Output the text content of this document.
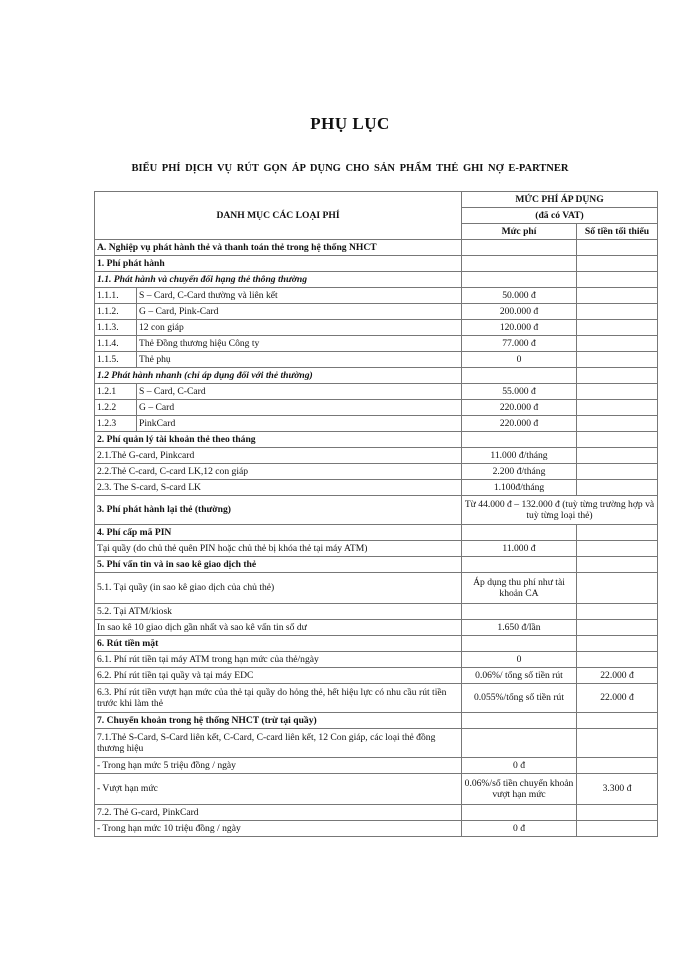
PHỤ LỤC
BIỂU PHÍ DỊCH VỤ RÚT GỌN ÁP DỤNG CHO SẢN PHẨM THẺ GHI NỢ E-PARTNER
DANH MỤC CÁC LOẠI PHÍ		MỨC PHÍ ÁP DỤNG	
		(đã có VAT)	
		Mức phí	Số tiền tối thiểu
A. Nghiệp vụ phát hành thẻ và thanh toán thẻ trong hệ thống NHCT			
1. Phí phát hành			
1.1. Phát hành và chuyển đổi hạng thẻ thông thường			
1.1.1.	S – Card, C-Card thường và liên kết	50.000 đ	
1.1.2.	G – Card, Pink-Card	200.000 đ	
1.1.3.	12 con giáp	120.000 đ	
1.1.4.	Thẻ Đồng thương hiệu Công ty	77.000 đ	
1.1.5.	Thẻ phụ	0	
1.2 Phát hành nhanh (chỉ áp dụng đối với thẻ thường)			
1.2.1	S – Card, C-Card	55.000 đ	
1.2.2	G – Card	220.000 đ	
1.2.3	PinkCard	220.000 đ	
2. Phí quản lý tài khoản thẻ theo tháng			
2.1.Thẻ G-card, Pinkcard		11.000 đ/tháng	
2.2.Thẻ C-card, C-card LK,12 con giáp		2.200 đ/tháng	
2.3. The S-card, S-card LK		1.100đ/tháng	
3. Phí phát hành lại thẻ (thường)		Từ 44.000 đ – 132.000 đ (tuỳ từng trường hợp và tuỳ từng loại thẻ)	
4. Phí cấp mã PIN			
Tại quầy (do chủ thẻ quên PIN hoặc chủ thẻ bị khóa thẻ tại máy ATM)		11.000 đ	
5. Phí vấn tin và in sao kê giao dịch thẻ			
5.1. Tại quầy (in sao kê giao dịch của chủ thẻ)		Áp dụng thu phí như tài khoản CA	
5.2. Tại ATM/kiosk			
In sao kê 10 giao dịch gần nhất và sao kê vấn tin số dư		1.650 đ/lần	
6. Rút tiền mặt			
6.1. Phí rút tiền tại máy ATM trong hạn mức của thẻ/ngày		0	
6.2. Phí rút tiền tại quầy và tại máy EDC		0.06%/ tổng số tiền rút	22.000 đ
6.3. Phí rút tiền vượt hạn mức của thẻ tại quầy do hỏng thẻ, hết hiệu lực có nhu cầu rút tiền trước khi làm thẻ		0.055%/tổng số tiền rút	22.000 đ
7. Chuyển khoản trong hệ thống NHCT (trừ tại quầy)			
7.1.Thẻ S-Card, S-Card liên kết, C-Card, C-card liên kết, 12 Con giáp, các loại thẻ đồng thương hiệu			
- Trong hạn mức 5 triệu đồng / ngày		0 đ	
- Vượt hạn mức		0.06%/số tiền chuyển khoản vượt hạn mức	3.300 đ
7.2. Thẻ G-card, PinkCard			
- Trong hạn mức 10 triệu đồng / ngày		0 đ	
